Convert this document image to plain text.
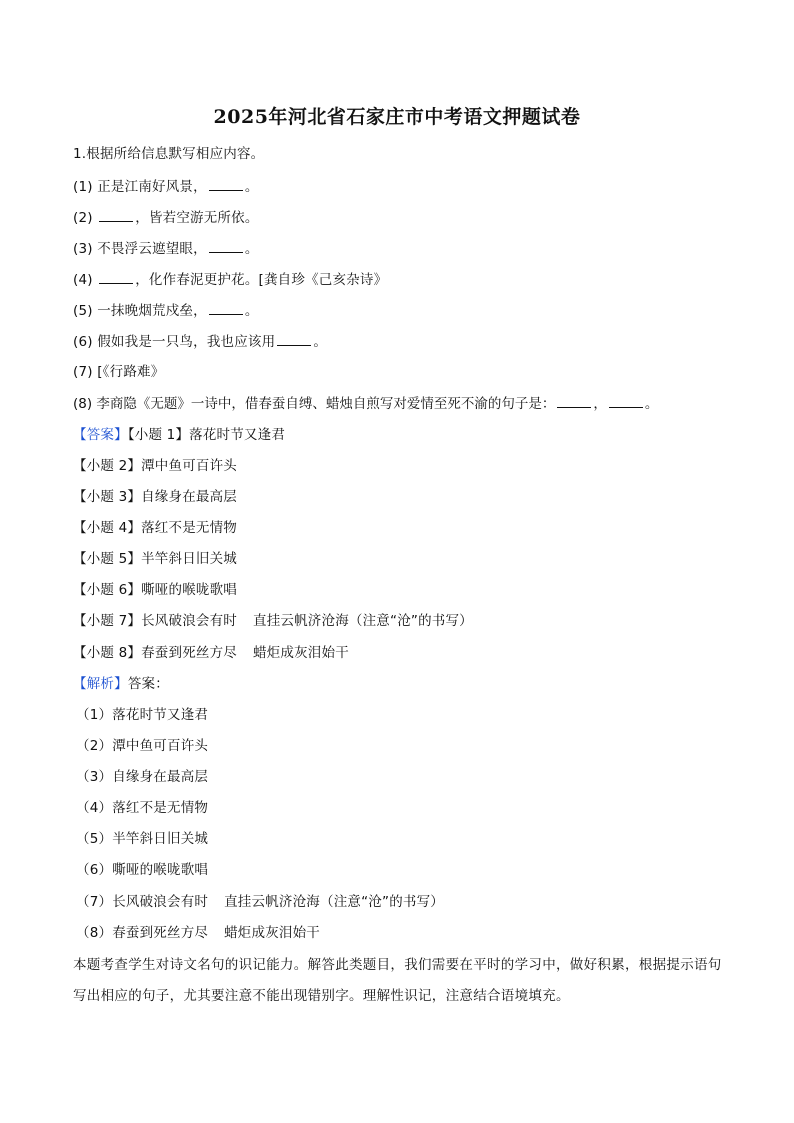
2025年河北省石家庄市中考语文押题试卷
1.根据所给信息默写相应内容。
(1) 正是江南好风景，	。
(2)	，皆若空游无所依。
(3) 不畏浮云遮望眼，	。
(4)	，化作春泥更护花。[龚自珍《己亥杂诗》
(5) 一抹晚烟荒戍垒，	。
(6) 假如我是一只鸟，我也应该用	。
(7) [《行路难》
(8) 李商隐《无题》一诗中，借春蚕自缚、蜡烛自煎写对爱情至死不渝的句子是：	，	。
【答案】【小题 1】落花时节又逢君
【小题 2】潭中鱼可百许头
【小题 3】自缘身在最高层
【小题 4】落红不是无情物
【小题 5】半竿斜日旧关城
【小题 6】嘶哑的喉咙歌唱
【小题 7】长风破浪会有时 直挂云帆济沧海（注意“沧”的书写）
【小题 8】春蚕到死丝方尽 蜡炬成灰泪始干
【解析】答案：
（1）落花时节又逢君
（2）潭中鱼可百许头
（3）自缘身在最高层
（4）落红不是无情物
（5）半竿斜日旧关城
（6）嘶哑的喉咙歌唱
（7）长风破浪会有时 直挂云帆济沧海（注意“沧”的书写）
（8）春蚕到死丝方尽 蜡炬成灰泪始干
本题考查学生对诗文名句的识记能力。解答此类题目，我们需要在平时的学习中，做好积累，根据提示语句写出相应的句子，尤其要注意不能出现错别字。理解性识记，注意结合语境填充。
